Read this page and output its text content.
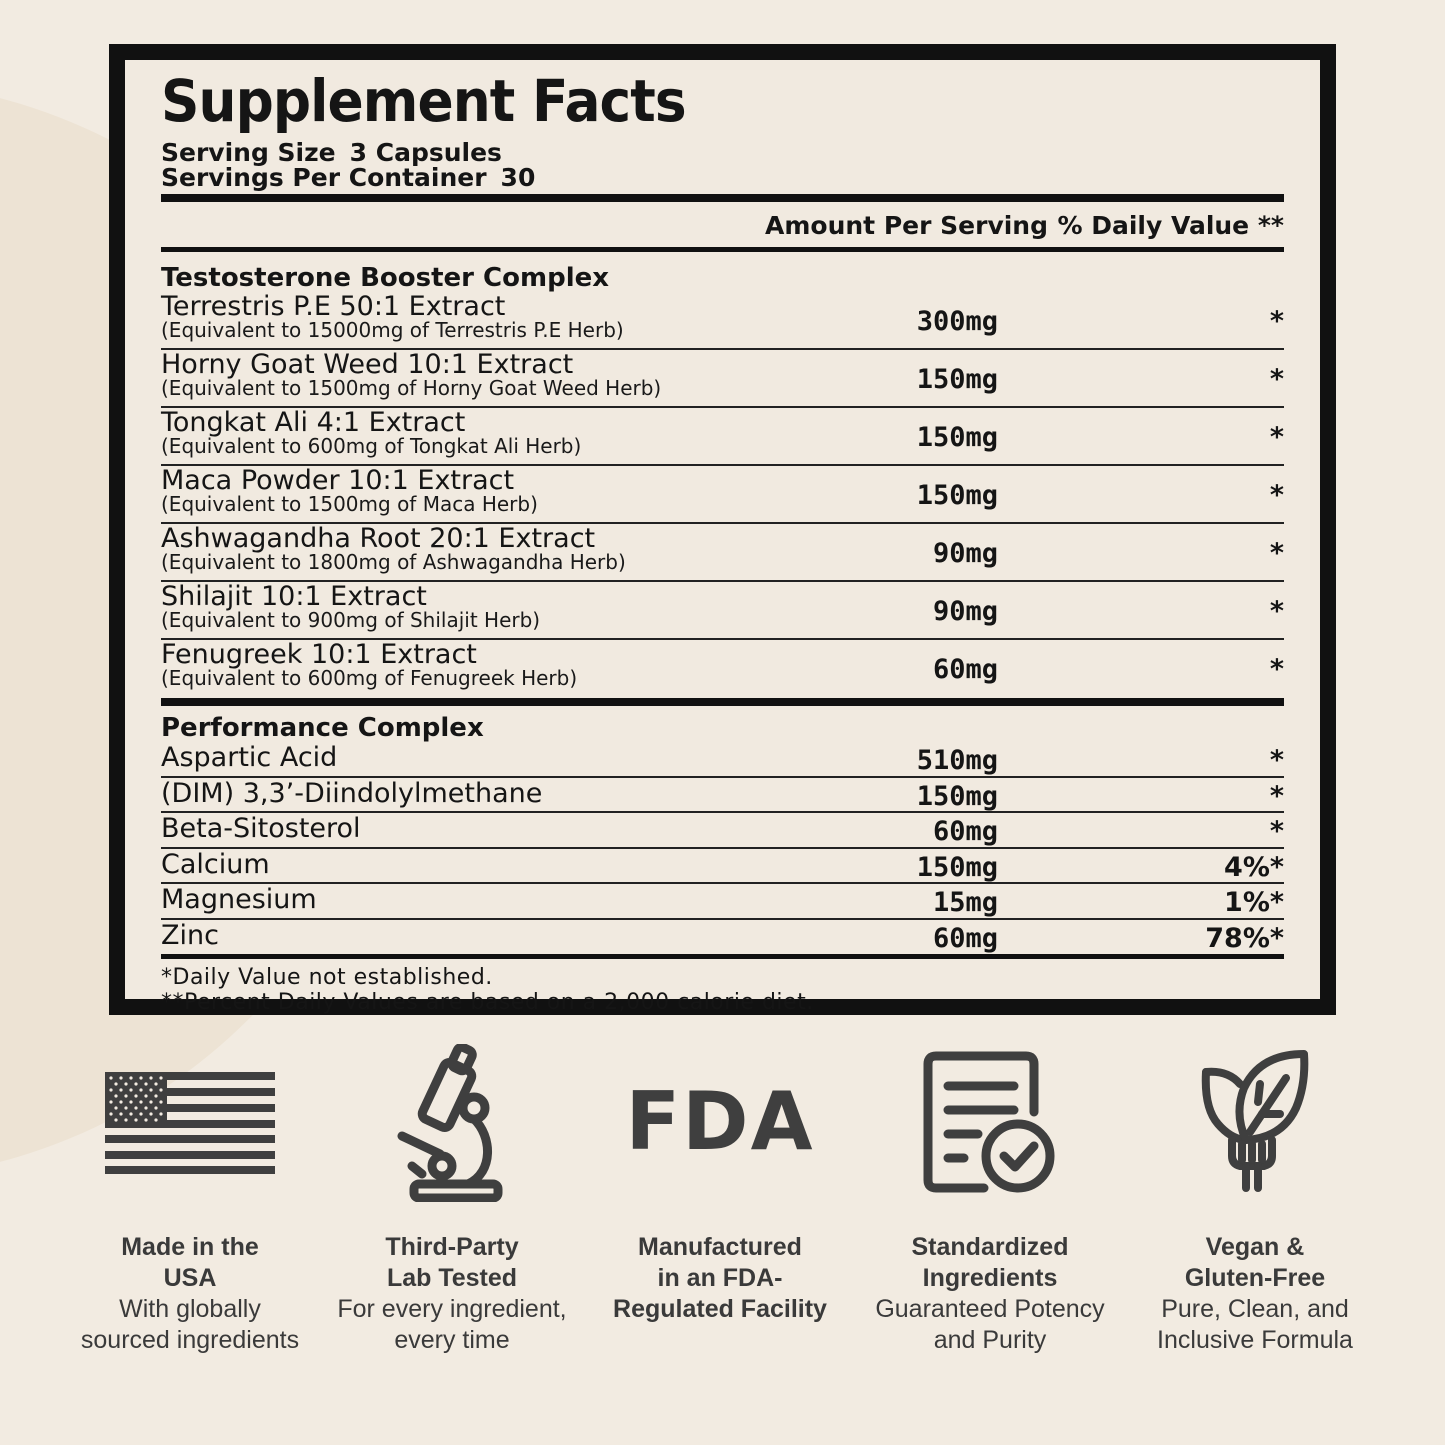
Supplement Facts
Serving Size 3 Capsules
Servings Per Container 30
Amount Per Serving % Daily Value **
Testosterone Booster Complex
Terrestris P.E 50:1 Extract
(Equivalent to 15000mg of Terrestris P.E Herb)	300mg	*
Horny Goat Weed 10:1 Extract
(Equivalent to 1500mg of Horny Goat Weed Herb)	150mg	*
Tongkat Ali 4:1 Extract
(Equivalent to 600mg of Tongkat Ali Herb)	150mg	*
Maca Powder 10:1 Extract
(Equivalent to 1500mg of Maca Herb)	150mg	*
Ashwagandha Root 20:1 Extract
(Equivalent to 1800mg of Ashwagandha Herb)	90mg	*
Shilajit 10:1 Extract
(Equivalent to 900mg of Shilajit Herb)	90mg	*
Fenugreek 10:1 Extract
(Equivalent to 600mg of Fenugreek Herb)	60mg	*
Performance Complex
Aspartic Acid	510mg	*
(DIM) 3,3’-Diindolylmethane	150mg	*
Beta-Sitosterol	60mg	*
Calcium	150mg	4%*
Magnesium	15mg	1%*
Zinc	60mg	78%*
*Daily Value not established.
**Percent Daily Values are based on a 2,000 calorie diet.
Made in the
USA
With globally
sourced ingredients
Third-Party
Lab Tested
For every ingredient,
every time
FDA
Manufactured
in an FDA-
Regulated Facility
Standardized
Ingredients
Guaranteed Potency
and Purity
Vegan &
Gluten-Free
Pure, Clean, and
Inclusive Formula
